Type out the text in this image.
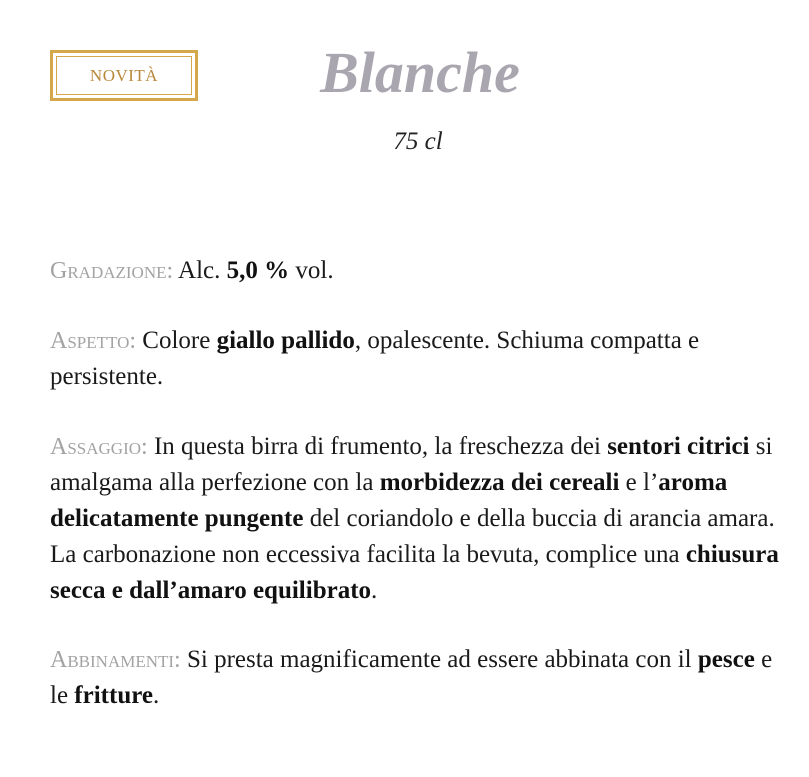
NOVITÀ	Blanche

75 cl

Gradazione: Alc. 5,0 % vol.

Aspetto: Colore giallo pallido, opalescente. Schiuma compatta e persistente.

Assaggio: In questa birra di frumento, la freschezza dei sentori citrici si amalgama alla perfezione con la morbidezza dei cereali e l’aroma delicatamente pungente del coriandolo e della buccia di arancia amara. La carbonazione non eccessiva facilita la bevuta, complice una chiusura secca e dall’amaro equilibrato.

Abbinamenti: Si presta magnificamente ad essere abbinata con il pesce e le fritture.
